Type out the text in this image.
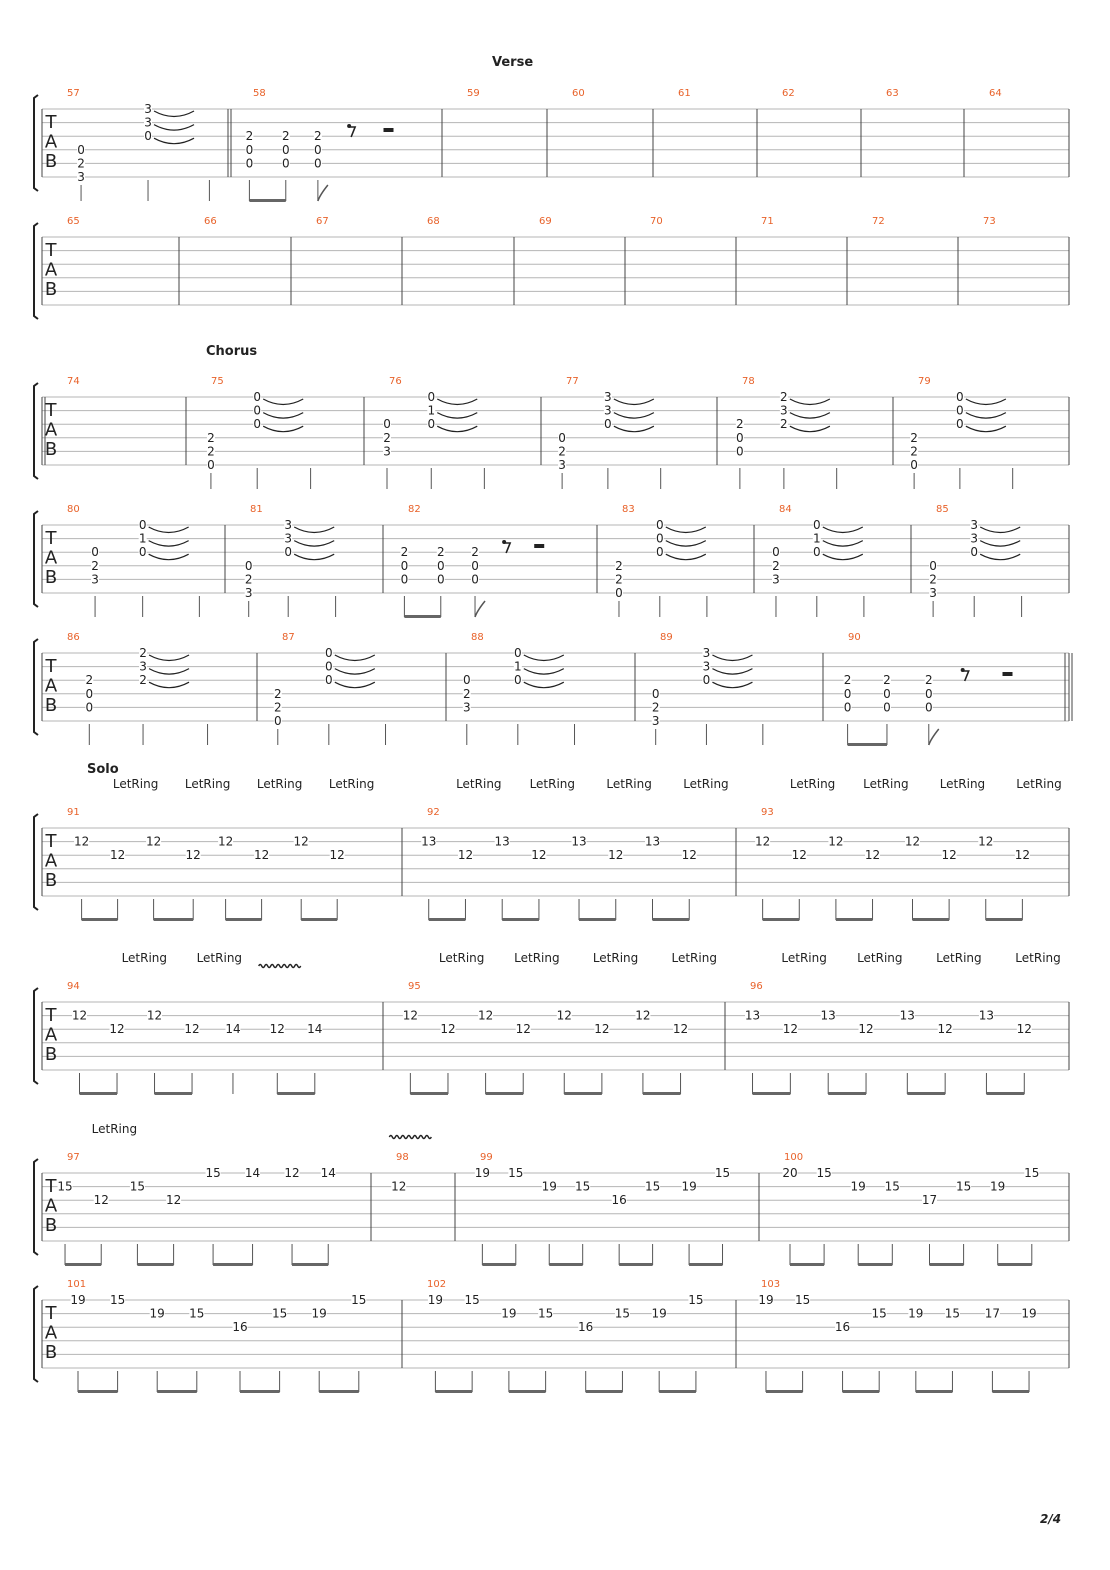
Verse
Chorus
Solo
T
A
B
57
0
2
3
3
3
0
58
2
0
0
2
0
0
2
0
0
59	60	61	62	63	64
T
A
B
65	66	67	68	69	70	71	72	73
T
A
B
74	75
2
2
0
0
0
0
76
0
2
3
0
1
0
77
0
2
3
3
3
0
78
2
0
0
2
3
2
79
2
2
0
0
0
0
T
A
B
80
0
2
3
0
1
0
81
0
2
3
3
3
0
82
2
0
0
2
0
0
2
0
0
83
2
2
0
0
0
0
84
0
2
3
0
1
0
85
0
2
3
3
3
0
T
A
B
86
2
0
0
2
3
2
87
2
2
0
0
0
0
88
0
2
3
0
1
0
89
0
2
3
3
3
0
90
2
0
0
2
0
0
2
0
0
T
A
B
91
12
12
12
12
12
12
12
12
LetRing LetRing LetRing LetRing
92
13
12
13
12
13
12
13
12
LetRing LetRing	LetRing	LetRing
93
12
12
12
12
12
12
12
12
LetRing LetRing	LetRing	LetRing
T
A
B
94
12
12
12
12 14 12 14
LetRing LetRing
95
12
12
12
12
12
12
12
12
LetRing LetRing	LetRing	LetRing
96
13
12
13
12
13
12
13
12
LetRing	LetRing	LetRing	LetRing
T
A
B
97
15
12
15
12
15 14 12 14
LetRing
98
12
99
19 15
19 15
16
15 19
15
100
20 15
19 15
17
15 19
15
T
A
B
101
19 15
19 15
16
15 19
15
102
19 15
19 15
16
15 19
15
103
19 15
16
15 19 15 17 19
2/4
